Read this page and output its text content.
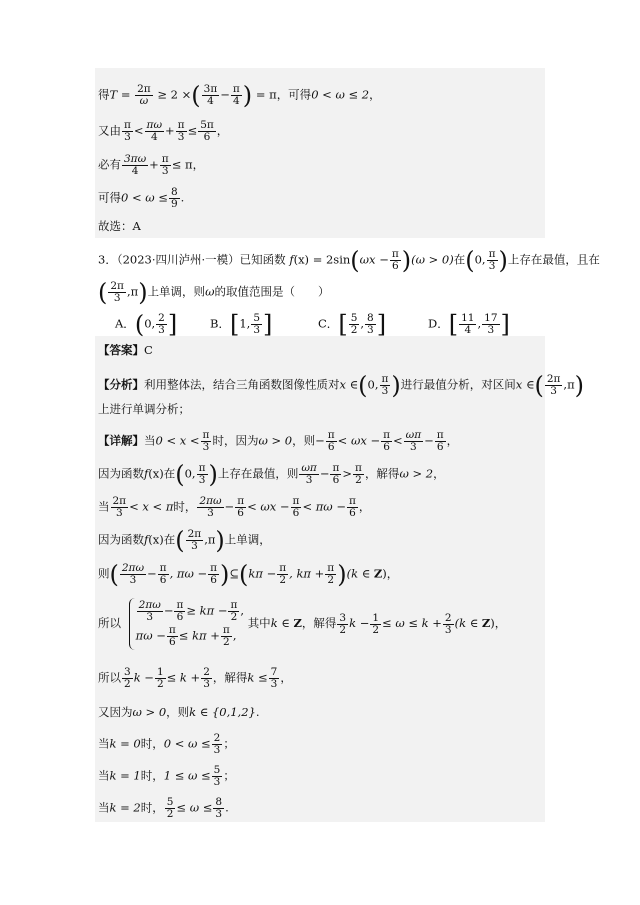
得$T = \frac{2\pi}{\omega} \ge 2$ ×( $\frac{3\pi}{4} - \frac{\pi}{4}$ ) = π，可得0 < ω ≤ 2，
又由 $\frac{\pi}{3} < \frac{\pi\omega}{4} + \frac{\pi}{3} \le \frac{5\pi}{6}$ ，
必有 $\frac{3\pi\omega}{4} + \frac{\pi}{3} \le \pi$，
可得$0 < \omega \le \frac{8}{9}$ .
故选：A
3．（2023·四川泸州·一模）已知函数 $f(x) = 2\sin(\omega x - \frac{\pi}{6} )(\omega > 0)$在(0, $\frac{\pi}{3}$ )上存在最值，且在
( $\frac{2\pi}{3} ,\pi$)上单调，则ω的取值范围是（　　）
A．(0, $\frac{2}{3}$ ]	B．[1, $\frac{5}{3}$ ]	C．[ $\frac{5}{2}$ , $\frac{8}{3}$ ]	D．[ $\frac{11}{4}$ , $\frac{17}{3}$ ]
【答案】C
【分析】利用整体法，结合三角函数图像性质对x ∈(0, $\frac{\pi}{3}$ )进行最值分析，对区间x ∈( $\frac{2\pi}{3} ,\pi$)
上进行单调分析；
【详解】当$0 < x < \frac{\pi}{3}$ 时，因为ω > 0，则− $\frac{\pi}{6} < \omega x - \frac{\pi}{6} < \frac{\omega\pi}{3} - \frac{\pi}{6}$ ，
因为函数f(x)在(0, $\frac{\pi}{3}$ )上存在最值，则 $\frac{\omega\pi}{3} - \frac{\pi}{6} > \frac{\pi}{2}$ ，解得ω > 2，
当 $\frac{2\pi}{3} < x < \pi$时， $\frac{2\pi\omega}{3} - \frac{\pi}{6} < \omega x - \frac{\pi}{6} < \pi\omega - \frac{\pi}{6}$ ，
因为函数f(x)在( $\frac{2\pi}{3} ,\pi$)上单调，
则( $\frac{2\pi\omega}{3} - \frac{\pi}{6}$ , $\pi\omega - \frac{\pi}{6}$ )⊆(kπ − $\frac{\pi}{2}$ , $k\pi + \frac{\pi}{2} )(k$ ∈ Z)，
所以 $\frac{2\pi\omega}{3} - \frac{\pi}{6} \ge k\pi - \frac{\pi}{2}$ ,
$\pi\omega - \frac{\pi}{6} \le k\pi + \frac{\pi}{2}$ ,
其中k ∈ Z，解得 $\frac{3}{2}$ $k - \frac{1}{2} \le \omega \le k + \frac{2}{3} (k$ ∈ Z)，
所以 $\frac{3}{2}$ $k - \frac{1}{2} \le k + \frac{2}{3}$ ，解得$k \le \frac{7}{3}$ ，
又因为ω > 0，则k ∈ {0,1,2}.
当k = 0时，$0 < \omega \le \frac{2}{3}$ ；
当k = 1时，$1 \le \omega \le \frac{5}{3}$ ；
当k = 2时， $\frac{5}{2} \le \omega \le \frac{8}{3}$ .
